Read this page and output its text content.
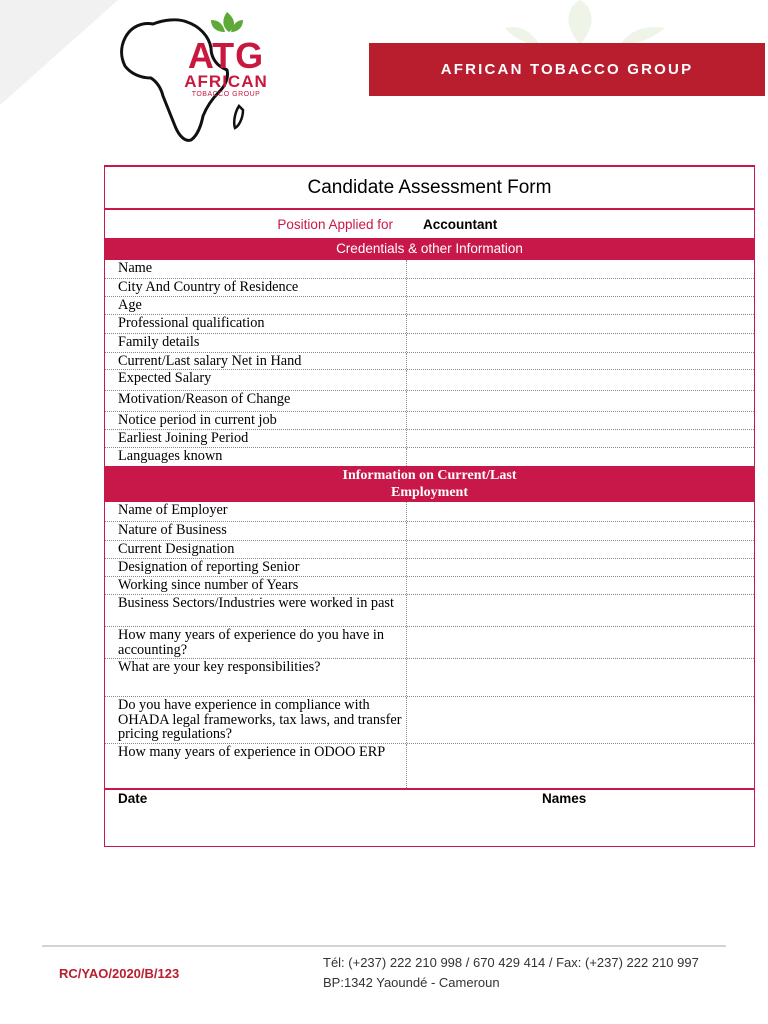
ATG
AFRICAN
TOBACCO GROUP
AFRICAN TOBACCO GROUP
Candidate Assessment Form
Position Applied for	Accountant
Credentials & other Information
Name
City And Country of Residence
Age
Professional qualification
Family details
Current/Last salary Net in Hand
Expected Salary
Motivation/Reason of Change
Notice period in current job
Earliest Joining Period
Languages known
Information on Current/Last
Employment
Name of Employer
Nature of Business
Current Designation
Designation of reporting Senior
Working since number of Years
Business Sectors/Industries were worked in past
How many years of experience do you have in accounting?
What are your key responsibilities?
Do you have experience in compliance with OHADA legal frameworks, tax laws, and transfer pricing regulations?
How many years of experience in ODOO ERP
Date	Names
RC/YAO/2020/B/123
Tél: (+237) 222 210 998 / 670 429 414 / Fax: (+237) 222 210 997
BP:1342 Yaoundé - Cameroun
